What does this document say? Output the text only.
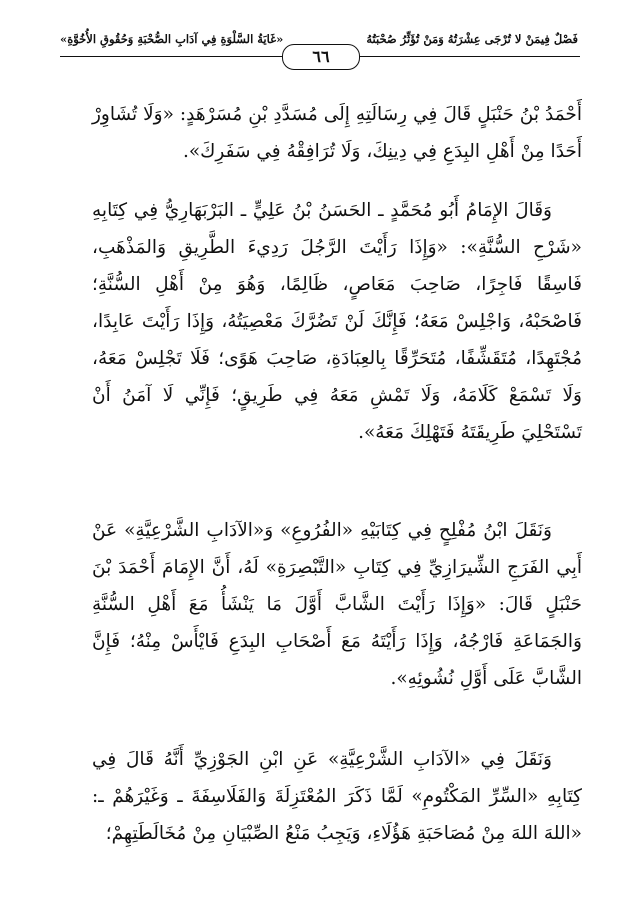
فَصْلٌ فِيمَنْ لا تُرْجَى عِشْرَتُهُ وَمَنْ تُؤَثِّرُ صُحْبَتُهُ
«غَايَةُ السَّلْوَةِ فِي آدَابِ الصُّحْبَةِ وَحُقُوقِ الأُخُوَّةِ»
٦٦

أَحْمَدُ بْنُ حَنْبَلٍ قَالَ فِي رِسَالَتِهِ إِلَى مُسَدَّدِ بْنِ مُسَرْهَدٍ: «وَلَا تُشَاوِرْ أَحَدًا مِنْ أَهْلِ البِدَعِ فِي دِينِكَ، وَلَا تُرَافِقْهُ فِي سَفَرِكَ».

وَقَالَ الإِمَامُ أَبُو مُحَمَّدٍ ـ الحَسَنُ بْنُ عَلِيٍّ ـ البَرْبَهَارِيُّ فِي كِتَابِهِ «شَرْحِ السُّنَّةِ»: «وَإِذَا رَأَيْتَ الرَّجُلَ رَدِيءَ الطَّرِيقِ وَالمَذْهَبِ، فَاسِقًا فَاجِرًا، صَاحِبَ مَعَاصٍ، ظَالِمًا، وَهُوَ مِنْ أَهْلِ السُّنَّةِ؛ فَاصْحَبْهُ، وَاجْلِسْ مَعَهُ؛ فَإِنَّكَ لَنْ تَضُرَّكَ مَعْصِيَتُهُ، وَإِذَا رَأَيْتَ عَابِدًا، مُجْتَهِدًا، مُتَقَشِّفًا، مُتَحَرِّقًا بِالعِبَادَةِ، صَاحِبَ هَوًى؛ فَلَا تَجْلِسْ مَعَهُ، وَلَا تَسْمَعْ كَلَامَهُ، وَلَا تَمْشِ مَعَهُ فِي طَرِيقٍ؛ فَإِنِّي لَا آمَنُ أَنْ تَسْتَحْلِيَ طَرِيقَتَهُ فَتَهْلِكَ مَعَهُ».

وَنَقَلَ ابْنُ مُفْلِحٍ فِي كِتَابَيْهِ «الفُرُوعِ» وَ«الآدَابِ الشَّرْعِيَّةِ» عَنْ أَبِي الفَرَجِ الشِّيرَازِيِّ فِي كِتَابِ «التَّبْصِرَةِ» لَهُ، أَنَّ الإِمَامَ أَحْمَدَ بْنَ حَنْبَلٍ قَالَ: «وَإِذَا رَأَيْتَ الشَّابَّ أَوَّلَ مَا يَنْشَأُ مَعَ أَهْلِ السُّنَّةِ وَالجَمَاعَةِ فَارْجُهُ، وَإِذَا رَأَيْتَهُ مَعَ أَصْحَابِ البِدَعِ فَايْأَسْ مِنْهُ؛ فَإِنَّ الشَّابَّ عَلَى أَوَّلِ نُشُوئِهِ».

وَنَقَلَ فِي «الآدَابِ الشَّرْعِيَّةِ» عَنِ ابْنِ الجَوْزِيِّ أَنَّهُ قَالَ فِي كِتَابِهِ «السِّرِّ المَكْتُومِ» لَمَّا ذَكَرَ المُعْتَزِلَةَ وَالفَلَاسِفَةَ ـ وَغَيْرَهُمْ ـ: «اللهَ اللهَ مِنْ مُصَاحَبَةِ هَؤُلَاءِ، وَيَجِبُ مَنْعُ الصِّبْيَانِ مِنْ مُخَالَطَتِهِمْ؛
